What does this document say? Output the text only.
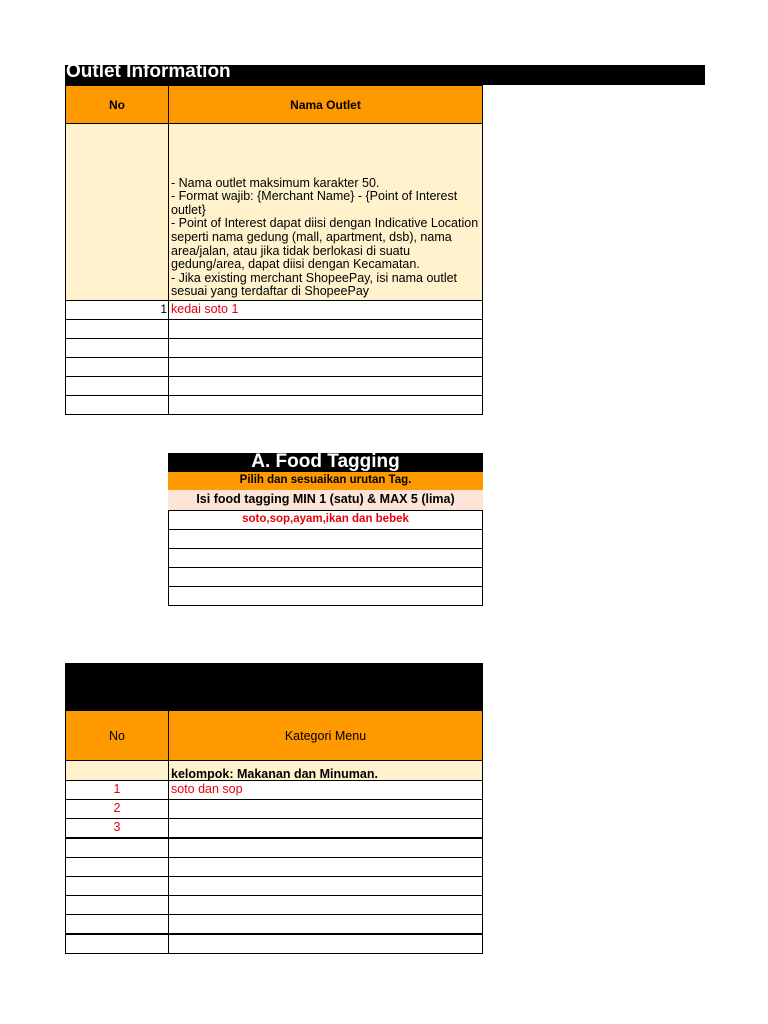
Outlet Information
No	Nama Outlet
- Nama outlet maksimum karakter 50.
- Format wajib: {Merchant Name} - {Point of Interest outlet}
- Point of Interest dapat diisi dengan Indicative Location seperti nama gedung (mall, apartment, dsb), nama area/jalan, atau jika tidak berlokasi di suatu gedung/area, dapat diisi dengan Kecamatan.
- Jika existing merchant ShopeePay, isi nama outlet sesuai yang terdaftar di ShopeePay
1 kedai soto 1
A. Food Tagging
Pilih dan sesuaikan urutan Tag.
Isi food tagging MIN 1 (satu) & MAX 5 (lima)
soto,sop,ayam,ikan dan bebek
No	Kategori Menu
kelompok: Makanan dan Minuman.
1	soto dan sop
2
3
